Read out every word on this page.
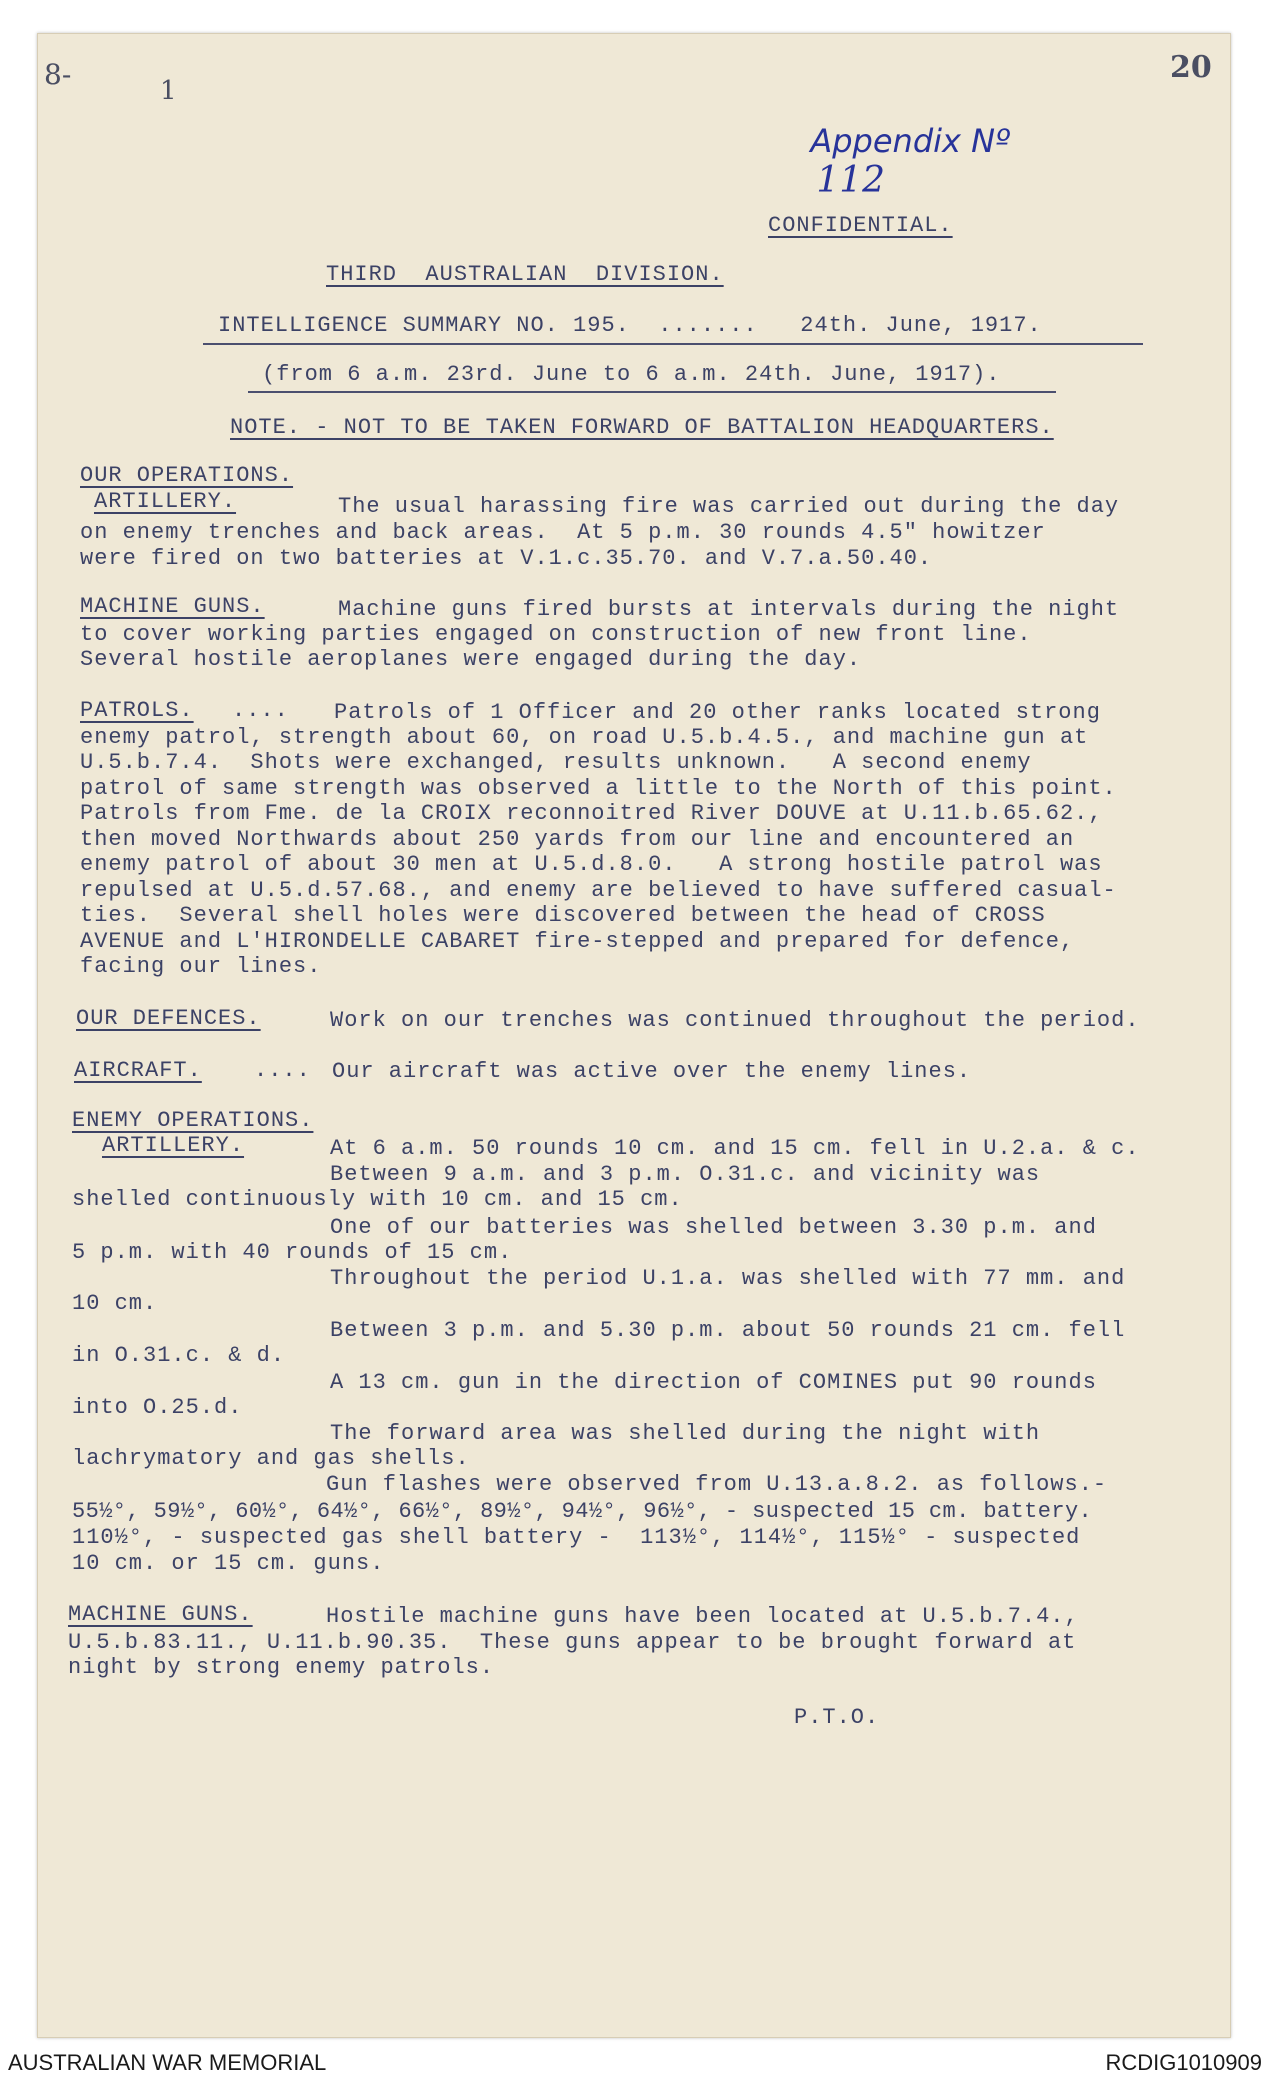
8-	1
20

Appendix Nº
112

CONFIDENTIAL.
THIRD  AUSTRALIAN  DIVISION.
INTELLIGENCE SUMMARY NO. 195.  .......   24th. June, 1917.
(from 6 a.m. 23rd. June to 6 a.m. 24th. June, 1917).
NOTE. - NOT TO BE TAKEN FORWARD OF BATTALION HEADQUARTERS.
OUR OPERATIONS.
ARTILLERY.	The usual harassing fire was carried out during the day
on enemy trenches and back areas.  At 5 p.m. 30 rounds 4.5" howitzer
were fired on two batteries at V.1.c.35.70. and V.7.a.50.40.
MACHINE GUNS.	Machine guns fired bursts at intervals during the night
to cover working parties engaged on construction of new front line.
Several hostile aeroplanes were engaged during the day.
PATROLS. .... Patrols of 1 Officer and 20 other ranks located strong
enemy patrol, strength about 60, on road U.5.b.4.5., and machine gun at
U.5.b.7.4.  Shots were exchanged, results unknown.   A second enemy
patrol of same strength was observed a little to the North of this point.
Patrols from Fme. de la CROIX reconnoitred River DOUVE at U.11.b.65.62.,
then moved Northwards about 250 yards from our line and encountered an
enemy patrol of about 30 men at U.5.d.8.0.   A strong hostile patrol was
repulsed at U.5.d.57.68., and enemy are believed to have suffered casual-
ties.  Several shell holes were discovered between the head of CROSS
AVENUE and L'HIRONDELLE CABARET fire-stepped and prepared for defence,
facing our lines.
OUR DEFENCES.	Work on our trenches was continued throughout the period.
AIRCRAFT. .... Our aircraft was active over the enemy lines.
ENEMY OPERATIONS.
ARTILLERY.	At 6 a.m. 50 rounds 10 cm. and 15 cm. fell in U.2.a. & c.
Between 9 a.m. and 3 p.m. O.31.c. and vicinity was
shelled continuously with 10 cm. and 15 cm.
One of our batteries was shelled between 3.30 p.m. and
5 p.m. with 40 rounds of 15 cm.
Throughout the period U.1.a. was shelled with 77 mm. and
10 cm.
Between 3 p.m. and 5.30 p.m. about 50 rounds 21 cm. fell
in O.31.c. & d.
A 13 cm. gun in the direction of COMINES put 90 rounds
into O.25.d.
The forward area was shelled during the night with
lachrymatory and gas shells.
Gun flashes were observed from U.13.a.8.2. as follows.-
55½°, 59½°, 60½°, 64½°, 66½°, 89½°, 94½°, 96½°, - suspected 15 cm. battery.
110½°, - suspected gas shell battery -  113½°, 114½°, 115½° - suspected
10 cm. or 15 cm. guns.
MACHINE GUNS.	Hostile machine guns have been located at U.5.b.7.4.,
U.5.b.83.11., U.11.b.90.35.  These guns appear to be brought forward at
night by strong enemy patrols.
P.T.O.
AUSTRALIAN WAR MEMORIAL	RCDIG1010909
